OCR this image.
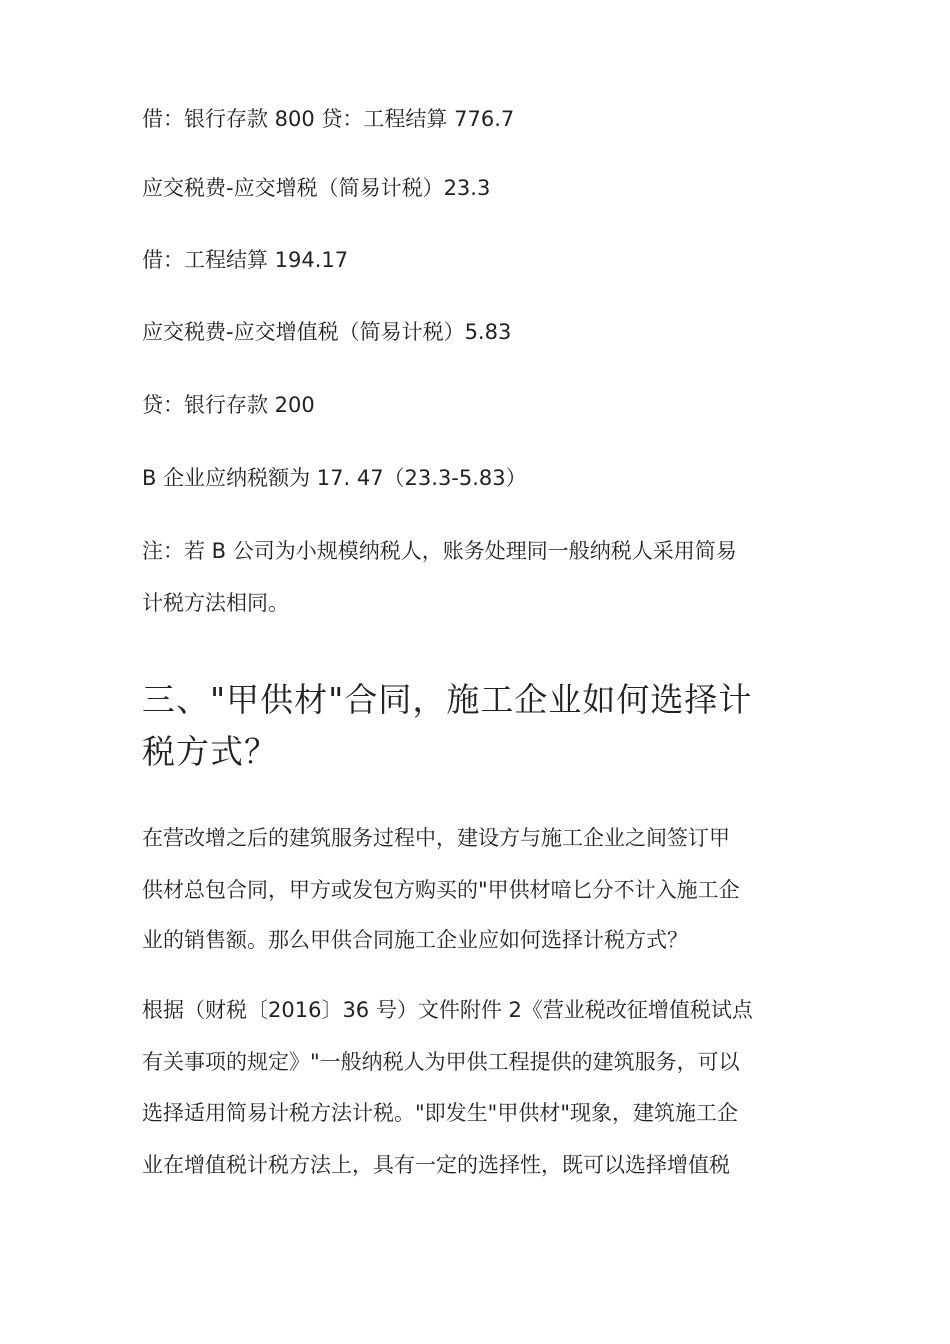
借：银行存款 800 贷：工程结算 776.7
应交税费-应交增税（简易计税）23.3
借：工程结算 194.17
应交税费-应交增值税（简易计税）5.83
贷：银行存款 200
B 企业应纳税额为 17. 47（23.3-5.83）
注：若 B 公司为小规模纳税人，账务处理同一般纳税人采用简易
计税方法相同。
三、"甲供材"合同，施工企业如何选择计
税方式？
在营改增之后的建筑服务过程中，建设方与施工企业之间签订甲
供材总包合同，甲方或发包方购买的"甲供材喑匕分不计入施工企
业的销售额。那么甲供合同施工企业应如何选择计税方式？
根据（财税〔2016〕36 号）文件附件 2《营业税改征增值税试点
有关事项的规定》"一般纳税人为甲供工程提供的建筑服务，可以
选择适用简易计税方法计税。"即发生"甲供材"现象，建筑施工企
业在增值税计税方法上，具有一定的选择性，既可以选择增值税
